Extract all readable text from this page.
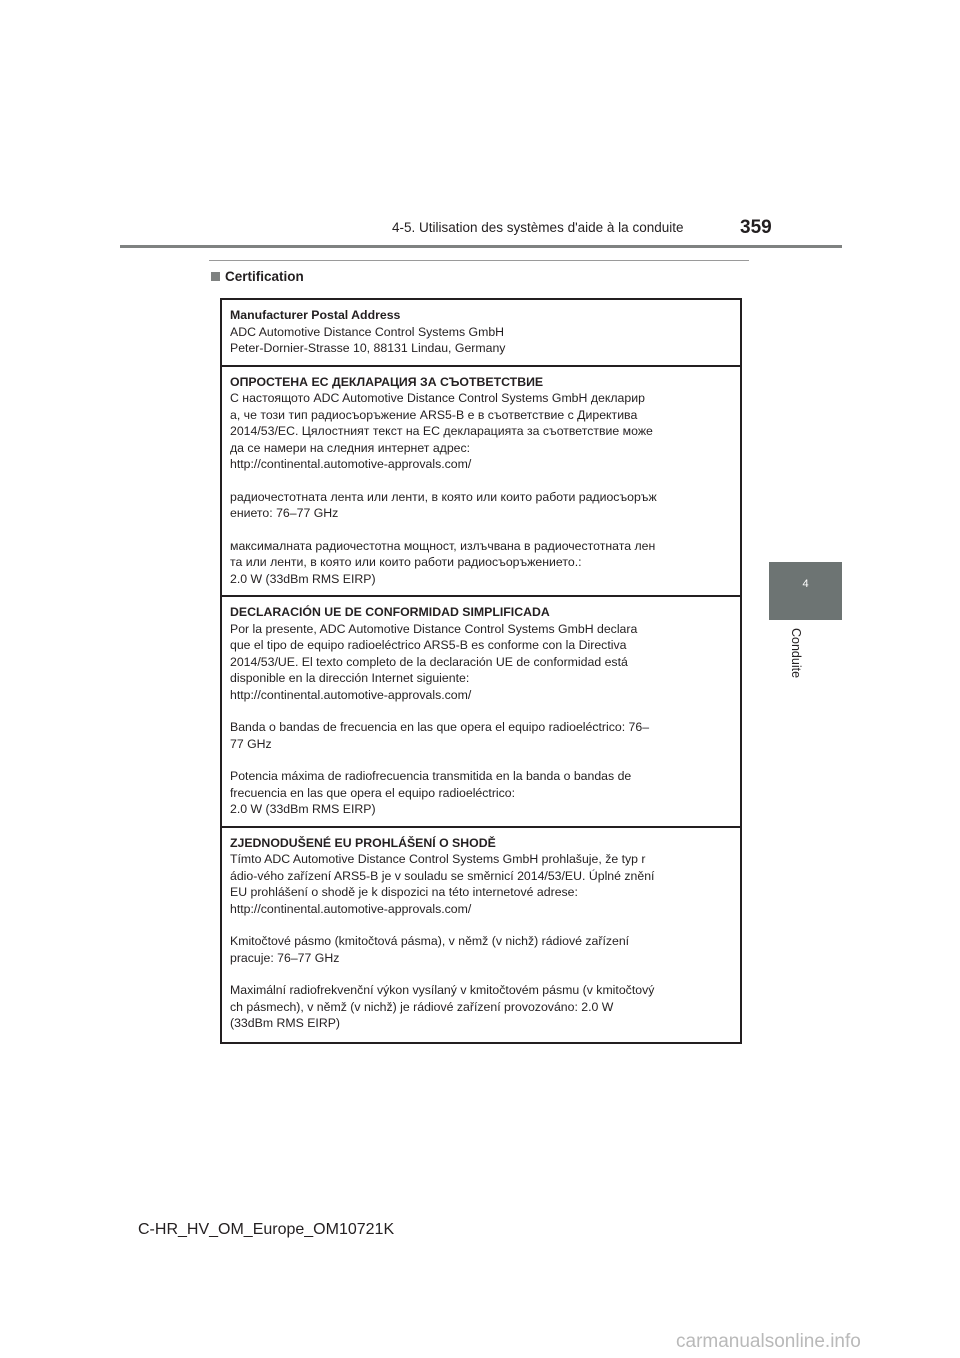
4-5. Utilisation des systèmes d'aide à la conduite	359
4
Conduite
Certification

Manufacturer Postal Address

ADC Automotive Distance Control Systems GmbH

Peter-Dornier-Strasse 10, 88131 Lindau, Germany

ОПРОСТЕНА ЕС ДЕКЛАРАЦИЯ ЗА СЪОТВЕТСТВИЕ

С настоящото ADC Automotive Distance Control Systems GmbH декларир

а, че този тип радиосъоръжение ARS5-B е в съответствие с Директива

2014/53/ЕС. Цялостният текст на ЕС декларацията за съответствие може

да се намери на следния интернет адрес:

http://continental.automotive-approvals.com/

радиочестотната лента или ленти, в която или които работи радиосъоръж

ението: 76–77 GHz

максималната радиочестотна мощност, излъчвана в радиочестотната лен

та или ленти, в която или които работи радиосъоръжението.:

2.0 W (33dBm RMS EIRP)

DECLARACIÓN UE DE CONFORMIDAD SIMPLIFICADA

Por la presente, ADC Automotive Distance Control Systems GmbH declara

que el tipo de equipo radioeléctrico ARS5-B es conforme con la Directiva

2014/53/UE. El texto completo de la declaración UE de conformidad está

disponible en la dirección Internet siguiente:

http://continental.automotive-approvals.com/

Banda o bandas de frecuencia en las que opera el equipo radioeléctrico: 76–

77 GHz

Potencia máxima de radiofrecuencia transmitida en la banda o bandas de

frecuencia en las que opera el equipo radioeléctrico:

2.0 W (33dBm RMS EIRP)

ZJEDNODUŠENÉ EU PROHLÁŠENÍ O SHODĚ

Tímto ADC Automotive Distance Control Systems GmbH prohlašuje, že typ r

ádio-vého zařízení ARS5-B je v souladu se směrnicí 2014/53/EU. Úplné znění

EU prohlášení o shodě je k dispozici na této internetové adrese:

http://continental.automotive-approvals.com/

Kmitočtové pásmo (kmitočtová pásma), v němž (v nichž) rádiové zařízení

pracuje: 76–77 GHz

Maximální radiofrekvenční výkon vysílaný v kmitočtovém pásmu (v kmitočtový

ch pásmech), v němž (v nichž) je rádiové zařízení provozováno: 2.0 W

(33dBm RMS EIRP)

C-HR_HV_OM_Europe_OM10721K
carmanualsonline.info
